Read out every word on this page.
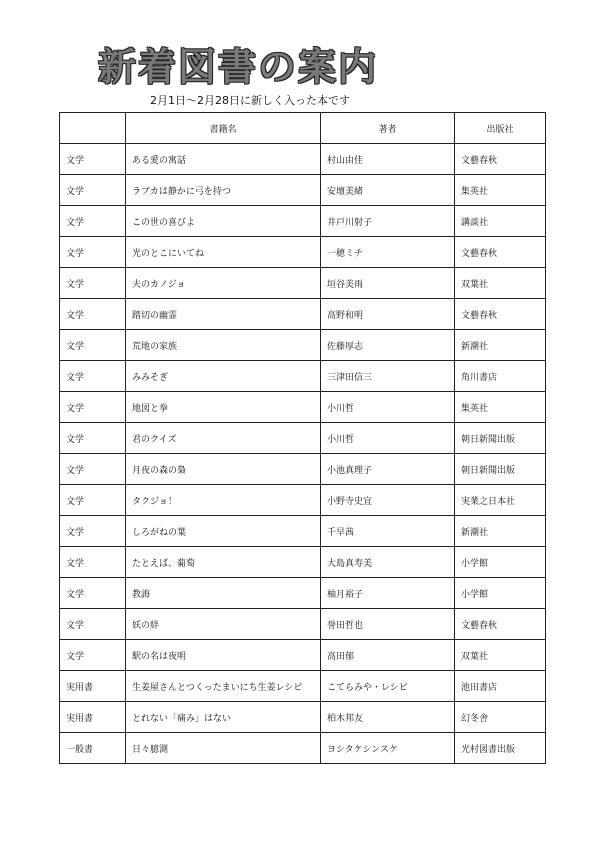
新着図書の案内
2月1日～2月28日に新しく入った本です
	書籍名	著者	出版社
文学	ある愛の寓話	村山由佳	文藝春秋
文学	ラブカは静かに弓を持つ	安壇美緒	集英社
文学	この世の喜びよ	井戸川射子	講談社
文学	光のとこにいてね	一穂ミチ	文藝春秋
文学	夫のカノジョ	垣谷美雨	双葉社
文学	踏切の幽霊	高野和明	文藝春秋
文学	荒地の家族	佐藤厚志	新潮社
文学	みみそぎ	三津田信三	角川書店
文学	地図と拳	小川哲	集英社
文学	君のクイズ	小川哲	朝日新聞出版
文学	月夜の森の梟	小池真理子	朝日新聞出版
文学	タクジョ！	小野寺史宜	実業之日本社
文学	しろがねの葉	千早茜	新潮社
文学	たとえば、葡萄	大島真寿美	小学館
文学	教誨	柚月裕子	小学館
文学	妖の絆	誉田哲也	文藝春秋
文学	駅の名は夜明	高田郁	双葉社
実用書	生姜屋さんとつくったまいにち生姜レシピ	こてらみや・レシピ	池田書店
実用書	とれない「痛み」はない	柏木邦友	幻冬舎
一般書	日々臆測	ヨシタケシンスケ	光村図書出版
